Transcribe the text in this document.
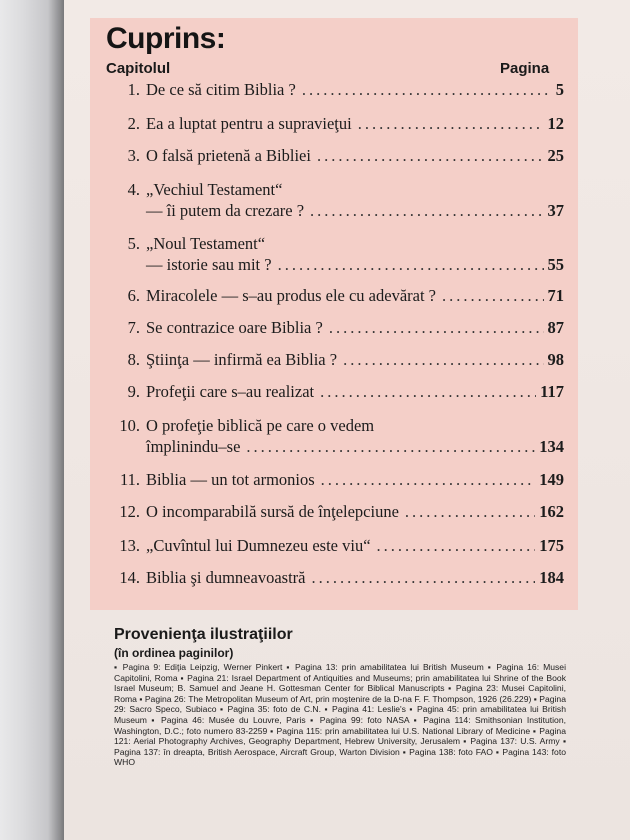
Cuprins:
Capitolul	Pagina
1. De ce să citim Biblia ? .....	5
2. Ea a luptat pentru a supravieţui .....	12
3. O falsă prietenă a Bibliei .....	25
4. „Vechiul Testament“
— îi putem da crezare ? .....	37
5. „Noul Testament“
— istorie sau mit ? .....	55
6. Miracolele — s–au produs ele cu adevărat ? .....	71
7. Se contrazice oare Biblia ? .....	87
8. Ştiinţa — infirmă ea Biblia ? .....	98
9. Profeţii care s–au realizat .....	117
10. O profeţie biblică pe care o vedem
împlinindu–se .....	134
11. Biblia — un tot armonios .....	149
12. O incomparabilă sursă de înţelepciune .....	162
13. „Cuvîntul lui Dumnezeu este viu“ .....	175
14. Biblia şi dumneavoastră .....	184
Provenienţa ilustraţiilor
(în ordinea paginilor)
▪ Pagina 9: Ediţia Leipzig, Werner Pinkert ▪ Pagina 13: prin amabilitatea lui British Museum ▪ Pagina 16: Musei Capitolini, Roma ▪ Pagina 21: Israel Department of Antiquities and Museums; prin amabilitatea lui Shrine of the Book Israel Museum; B. Samuel and Jeane H. Gottesman Center for Biblical Manuscripts ▪ Pagina 23: Musei Capitolini, Roma ▪ Pagina 26: The Metropolitan Museum of Art, prin moştenire de la D-na F. F. Thompson, 1926 (26.229) ▪ Pagina 29: Sacro Speco, Subiaco ▪ Pagina 35: foto de C.N. ▪ Pagina 41: Leslie's ▪ Pagina 45: prin amabilitatea lui British Museum ▪ Pagina 46: Musée du Louvre, Paris ▪ Pagina 99: foto NASA ▪ Pagina 114: Smithsonian Institution, Washington, D.C.; foto numero 83-2259 ▪ Pagina 115: prin amabilitatea lui U.S. National Library of Medicine ▪ Pagina 121: Aerial Photography Archives, Geography Department, Hebrew University, Jerusalem ▪ Pagina 137: U.S. Army ▪ Pagina 137: în dreapta, British Aerospace, Aircraft Group, Warton Division ▪ Pagina 138: foto FAO ▪ Pagina 143: foto WHO
